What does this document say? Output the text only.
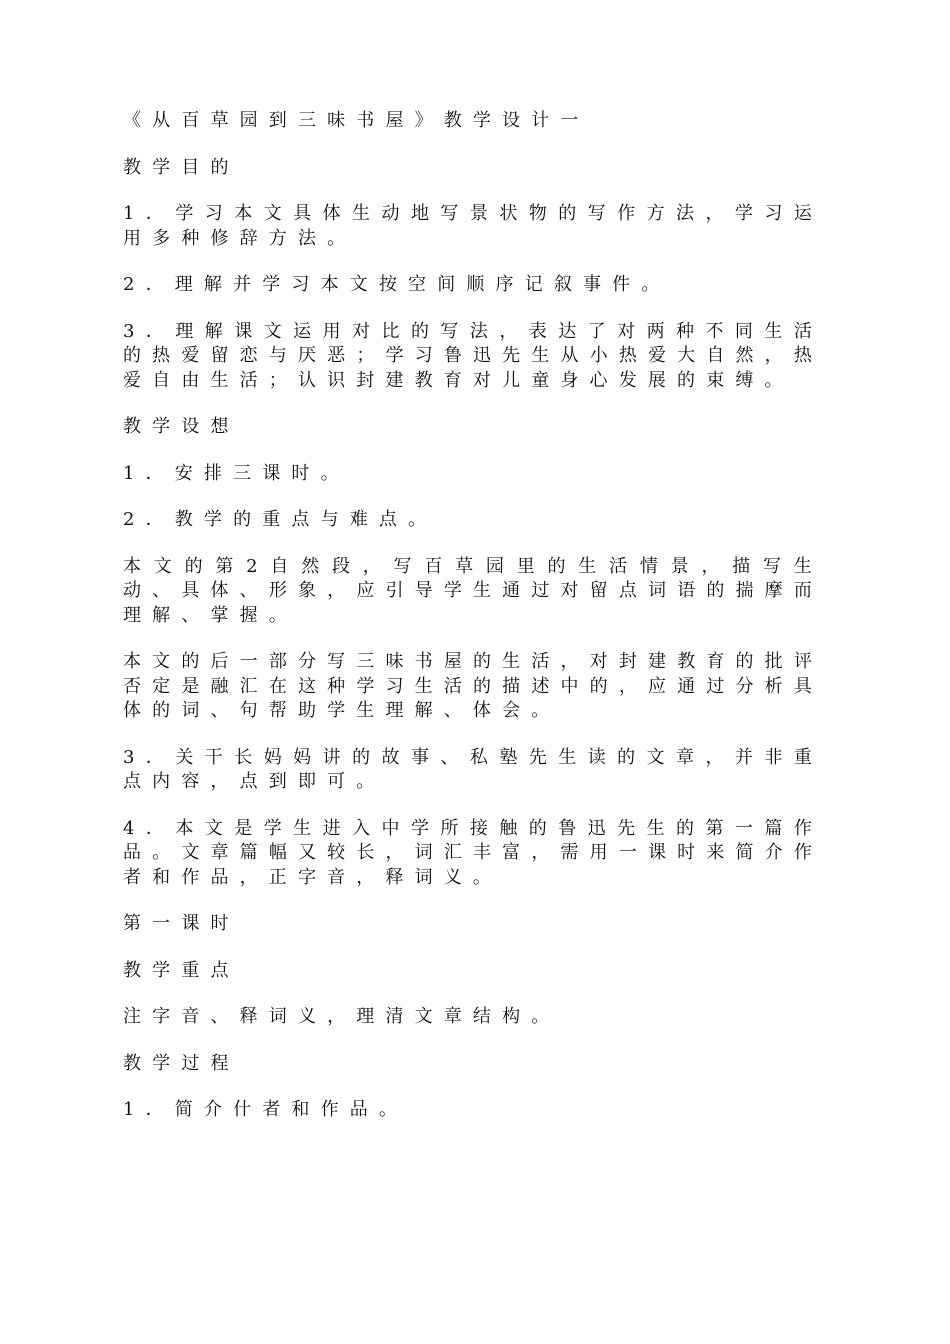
《从百草园到三味书屋》教学设计一

教学目的

1．学习本文具体生动地写景状物的写作方法，学习运用多种修辞方法。

2．理解并学习本文按空间顺序记叙事件。

3．理解课文运用对比的写法，表达了对两种不同生活的热爱留恋与厌恶；学习鲁迅先生从小热爱大自然，热爱自由生活；认识封建教育对儿童身心发展的束缚。

教学设想

1．安排三课时。

2．教学的重点与难点。

本文的第2自然段，写百草园里的生活情景，描写生动、具体、形象，应引导学生通过对留点词语的揣摩而理解、掌握。

本文的后一部分写三味书屋的生活，对封建教育的批评否定是融汇在这种学习生活的描述中的，应通过分析具体的词、句帮助学生理解、体会。

3．关干长妈妈讲的故事、私塾先生读的文章，并非重点内容，点到即可。

4．本文是学生进入中学所接触的鲁迅先生的第一篇作品。文章篇幅又较长，词汇丰富，需用一课时来简介作者和作品，正字音，释词义。

第一课时

教学重点

注字音、释词义，理清文章结构。

教学过程

1．简介什者和作品。
